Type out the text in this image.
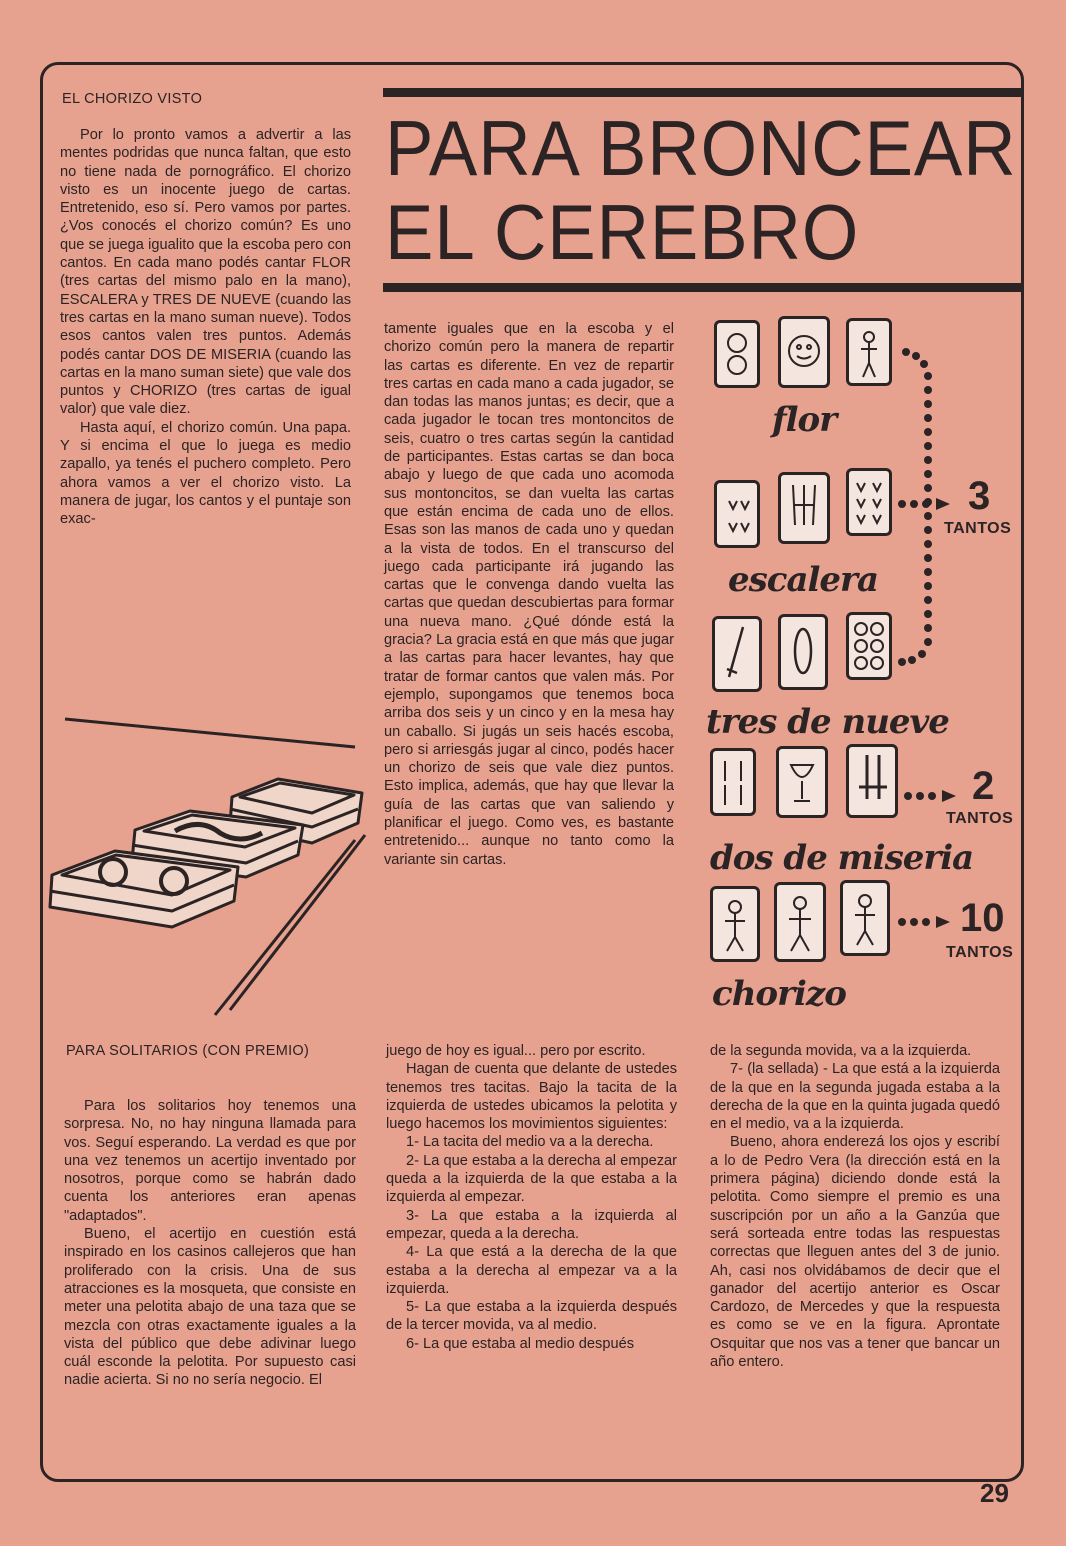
PARA BRONCEAR
EL CEREBRO
EL CHORIZO VISTO

Por lo pronto vamos a advertir a las mentes podridas que nunca faltan, que esto no tiene nada de pornográfico. El chorizo visto es un inocente juego de cartas. Entretenido, eso sí. Pero vamos por partes. ¿Vos conocés el chorizo común? Es uno que se juega igualito que la escoba pero con cantos. En cada mano podés cantar FLOR (tres cartas del mismo palo en la mano), ESCALERA y TRES DE NUEVE (cuando las tres cartas en la mano suman nueve). Todos esos cantos valen tres puntos. Además podés cantar DOS DE MISERIA (cuando las cartas en la mano suman siete) que vale dos puntos y CHORIZO (tres cartas de igual valor) que vale diez.

Hasta aquí, el chorizo común. Una papa. Y si encima el que lo juega es medio zapallo, ya tenés el puchero completo. Pero ahora vamos a ver el chorizo visto. La manera de jugar, los cantos y el puntaje son exac-

tamente iguales que en la escoba y el chorizo común pero la manera de repartir las cartas es diferente. En vez de repartir tres cartas en cada mano a cada jugador, se dan todas las manos juntas; es decir, que a cada jugador le tocan tres montoncitos de seis, cuatro o tres cartas según la cantidad de participantes. Estas cartas se dan boca abajo y luego de que cada uno acomoda sus montoncitos, se dan vuelta las cartas que están encima de cada uno de ellos. Esas son las manos de cada uno y quedan a la vista de todos. En el transcurso del juego cada participante irá jugando las cartas que le convenga dando vuelta las cartas que quedan descubiertas para formar una nueva mano. ¿Qué dónde está la gracia? La gracia está en que más que jugar a las cartas para hacer levantes, hay que tratar de formar cantos que valen más. Por ejemplo, supongamos que tenemos boca arriba dos seis y un cinco y en la mesa hay un caballo. Si jugás un seis hacés escoba, pero si arriesgás jugar al cinco, podés hacer un chorizo de seis que vale diez puntos. Esto implica, además, que hay que llevar la guía de las cartas que van saliendo y planificar el juego. Como ves, es bastante entretenido... aunque no tanto como la variante sin cartas.

flor
3
TANTOS
escalera
tres de nueve
2
TANTOS
dos de miseria
10
TANTOS
chorizo
PARA SOLITARIOS (CON PREMIO)

Para los solitarios hoy tenemos una sorpresa. No, no hay ninguna llamada para vos. Seguí esperando. La verdad es que por una vez tenemos un acertijo inventado por nosotros, porque como se habrán dado cuenta los anteriores eran apenas "adaptados".

Bueno, el acertijo en cuestión está inspirado en los casinos callejeros que han proliferado con la crisis. Una de sus atracciones es la mosqueta, que consiste en meter una pelotita abajo de una taza que se mezcla con otras exactamente iguales a la vista del público que debe adivinar luego cuál esconde la pelotita. Por supuesto casi nadie acierta. Si no no sería negocio. El

juego de hoy es igual... pero por escrito.

Hagan de cuenta que delante de ustedes tenemos tres tacitas. Bajo la tacita de la izquierda de ustedes ubicamos la pelotita y luego hacemos los movimientos siguientes:

1- La tacita del medio va a la derecha.

2- La que estaba a la derecha al empezar queda a la izquierda de la que estaba a la izquierda al empezar.

3- La que estaba a la izquierda al empezar, queda a la derecha.

4- La que está a la derecha de la que estaba a la derecha al empezar va a la izquierda.

5- La que estaba a la izquierda después de la tercer movida, va al medio.

6- La que estaba al medio después

de la segunda movida, va a la izquierda.

7- (la sellada) - La que está a la izquierda de la que en la segunda jugada estaba a la derecha de la que en la quinta jugada quedó en el medio, va a la izquierda.

Bueno, ahora enderezá los ojos y escribí a lo de Pedro Vera (la dirección está en la primera página) diciendo donde está la pelotita. Como siempre el premio es una suscripción por un año a la Ganzúa que será sorteada entre todas las respuestas correctas que lleguen antes del 3 de junio. Ah, casi nos olvidábamos de decir que el ganador del acertijo anterior es Oscar Cardozo, de Mercedes y que la respuesta es como se ve en la figura. Aprontate Osquitar que nos vas a tener que bancar un año entero.

29
